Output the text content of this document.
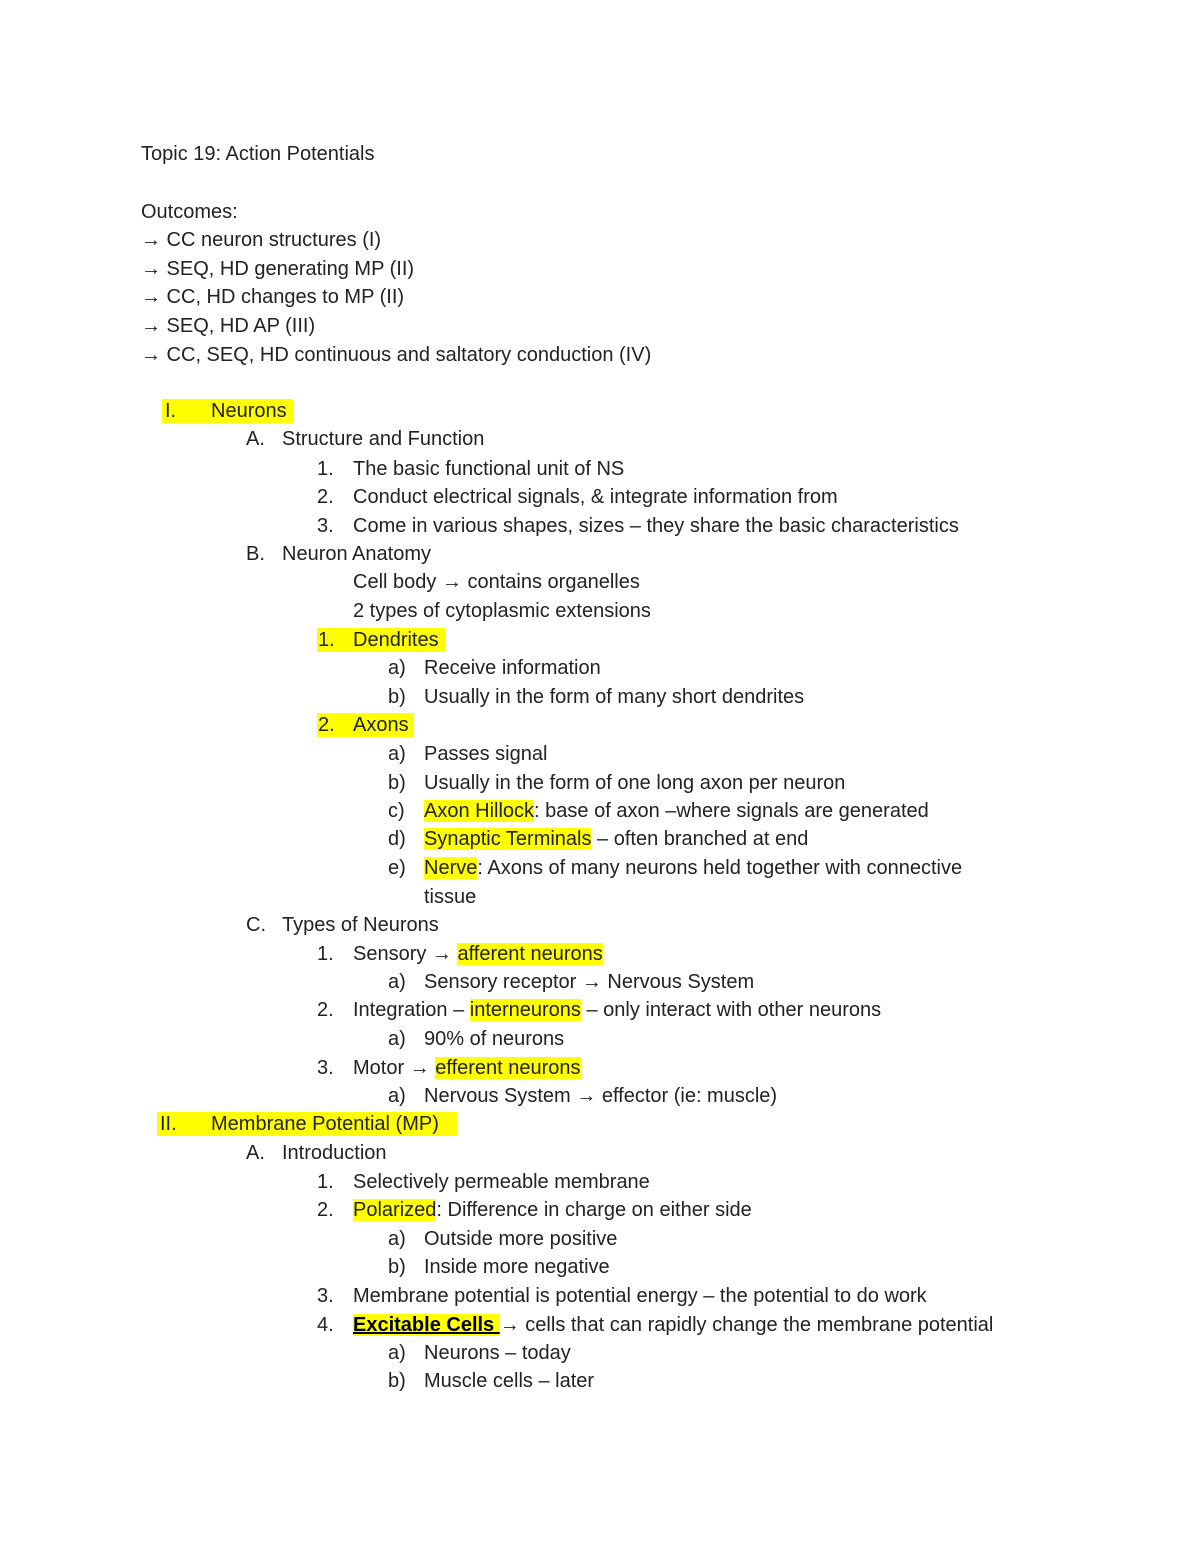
Topic 19: Action Potentials
Outcomes:
→ CC neuron structures (I)
→ SEQ, HD generating MP (II)
→ CC, HD changes to MP (II)
→ SEQ, HD AP (III)
→ CC, SEQ, HD continuous and saltatory conduction (IV)
I. Neurons
A. Structure and Function
1. The basic functional unit of NS
2. Conduct electrical signals, & integrate information from
3. Come in various shapes, sizes – they share the basic characteristics
B. Neuron Anatomy
Cell body → contains organelles
2 types of cytoplasmic extensions
1. Dendrites
a) Receive information
b) Usually in the form of many short dendrites
2. Axons
a) Passes signal
b) Usually in the form of one long axon per neuron
c) Axon Hillock: base of axon –where signals are generated
d) Synaptic Terminals – often branched at end
e) Nerve: Axons of many neurons held together with connective
tissue
C. Types of Neurons
1. Sensory → afferent neurons
a) Sensory receptor → Nervous System
2. Integration – interneurons – only interact with other neurons
a) 90% of neurons
3. Motor → efferent neurons
a) Nervous System → effector (ie: muscle)
II. Membrane Potential (MP)
A. Introduction
1. Selectively permeable membrane
2. Polarized: Difference in charge on either side
a) Outside more positive
b) Inside more negative
3. Membrane potential is potential energy – the potential to do work
4. Excitable Cells → cells that can rapidly change the membrane potential
a) Neurons – today
b) Muscle cells – later
